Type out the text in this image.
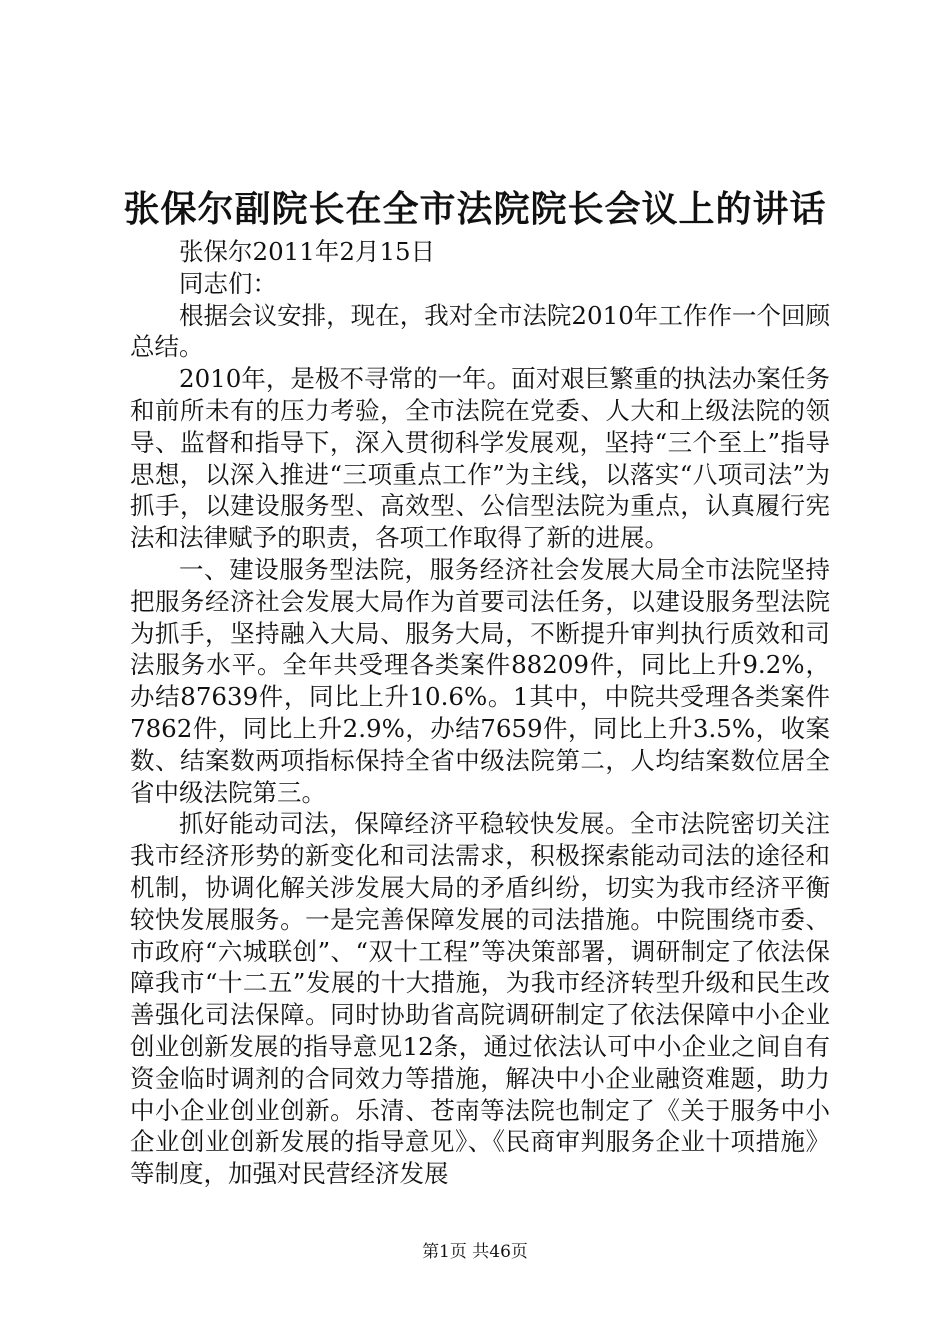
张保尔副院长在全市法院院长会议上的讲话

张保尔2011年2月15日

同志们：

根据会议安排，现在，我对全市法院2010年工作作一个回顾总结。

2010年，是极不寻常的一年。面对艰巨繁重的执法办案任务和前所未有的压力考验，全市法院在党委、人大和上级法院的领导、监督和指导下，深入贯彻科学发展观，坚持“三个至上”指导思想，以深入推进“三项重点工作”为主线，以落实“八项司法”为抓手，以建设服务型、高效型、公信型法院为重点，认真履行宪法和法律赋予的职责，各项工作取得了新的进展。

一、建设服务型法院，服务经济社会发展大局全市法院坚持把服务经济社会发展大局作为首要司法任务，以建设服务型法院为抓手，坚持融入大局、服务大局，不断提升审判执行质效和司法服务水平。全年共受理各类案件88209件，同比上升9.2%，办结87639件，同比上升10.6%。1其中，中院共受理各类案件7862件，同比上升2.9%，办结7659件，同比上升3.5%，收案数、结案数两项指标保持全省中级法院第二，人均结案数位居全省中级法院第三。

抓好能动司法，保障经济平稳较快发展。全市法院密切关注我市经济形势的新变化和司法需求，积极探索能动司法的途径和机制，协调化解关涉发展大局的矛盾纠纷，切实为我市经济平衡较快发展服务。一是完善保障发展的司法措施。中院围绕市委、市政府“六城联创”、“双十工程”等决策部署，调研制定了依法保障我市“十二五”发展的十大措施，为我市经济转型升级和民生改善强化司法保障。同时协助省高院调研制定了依法保障中小企业创业创新发展的指导意见12条，通过依法认可中小企业之间自有资金临时调剂的合同效力等措施，解决中小企业融资难题，助力中小企业创业创新。乐清、苍南等法院也制定了《关于服务中小企业创业创新发展的指导意见》、《民商审判服务企业十项措施》等制度，加强对民营经济发展

第1页 共46页
